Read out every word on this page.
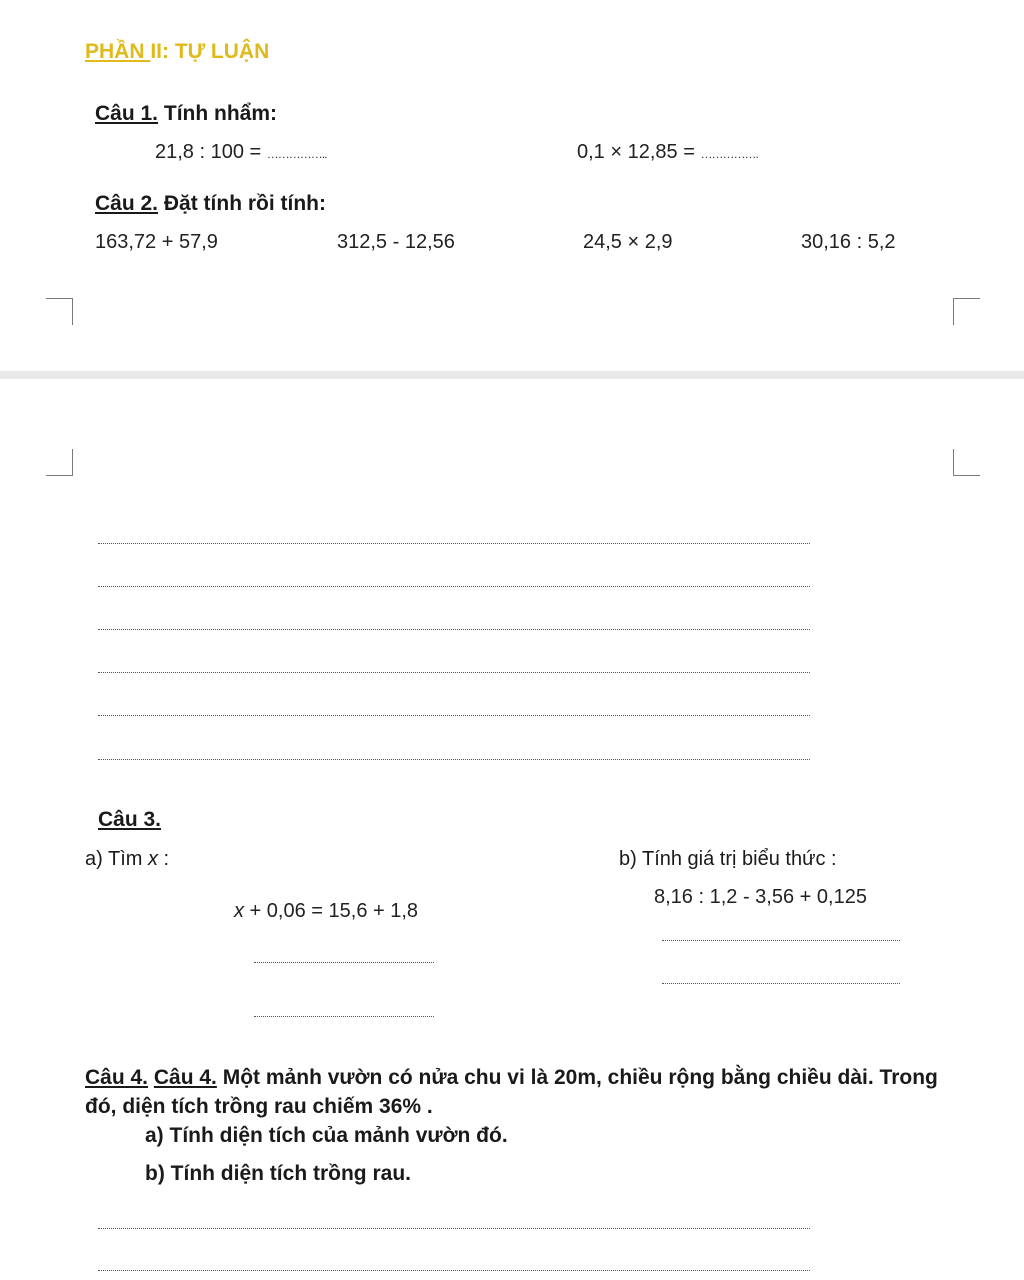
PHẦN II: TỰ LUẬN
Câu 1. Tính nhẩm:
21,8 : 100 = ……………..	0,1 × 12,85 = …………….
Câu 2. Đặt tính rồi tính:
163,72 + 57,9	312,5 - 12,56	24,5 × 2,9	30,16 : 5,2
Câu 3.
a) Tìm x :	b) Tính giá trị biểu thức :
x + 0,06 = 15,6 + 1,8
8,16 : 1,2 - 3,56 + 0,125
Câu 4. Câu 4. Một mảnh vườn có nửa chu vi là 20m, chiều rộng bằng chiều dài. Trong
đó, diện tích trồng rau chiếm 36% .
a) Tính diện tích của mảnh vườn đó.
b) Tính diện tích trồng rau.
